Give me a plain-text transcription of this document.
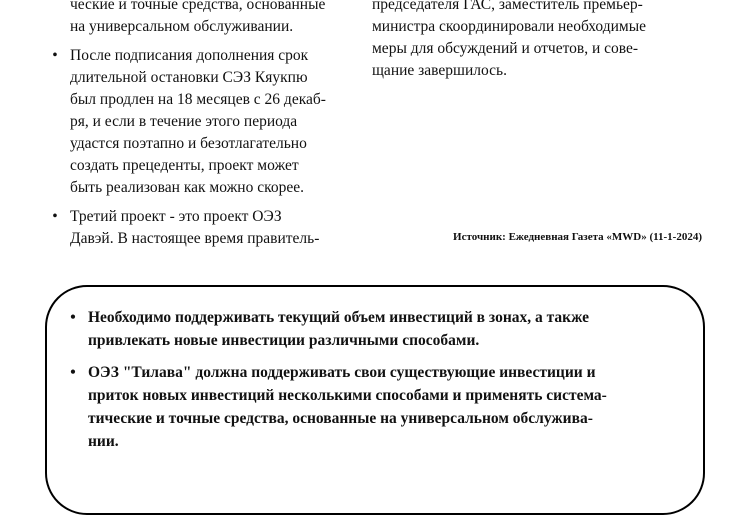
ческие и точные средства, основанные
на универсальном обслуживании.
• После подписания дополнения срок
длительной остановки СЭЗ Кяукпю
был продлен на 18 месяцев с 26 декаб-
ря, и если в течение этого периода
удастся поэтапно и безотлагательно
создать прецеденты, проект может
быть реализован как можно скорее.
• Третий проект - это проект ОЭЗ
Давэй. В настоящее время правитель-
председателя ГАС, заместитель премьер-
министра скоординировали необходимые
меры для обсуждений и отчетов, и сове-
щание завершилось.
Источник: Ежедневная Газета «MWD» (11-1-2024)
• Необходимо поддерживать текущий объем инвестиций в зонах, а также
привлекать новые инвестиции различными способами.
• ОЭЗ "Тилава" должна поддерживать свои существующие инвестиции и
приток новых инвестиций несколькими способами и применять система-
тические и точные средства, основанные на универсальном обслужива-
нии.
